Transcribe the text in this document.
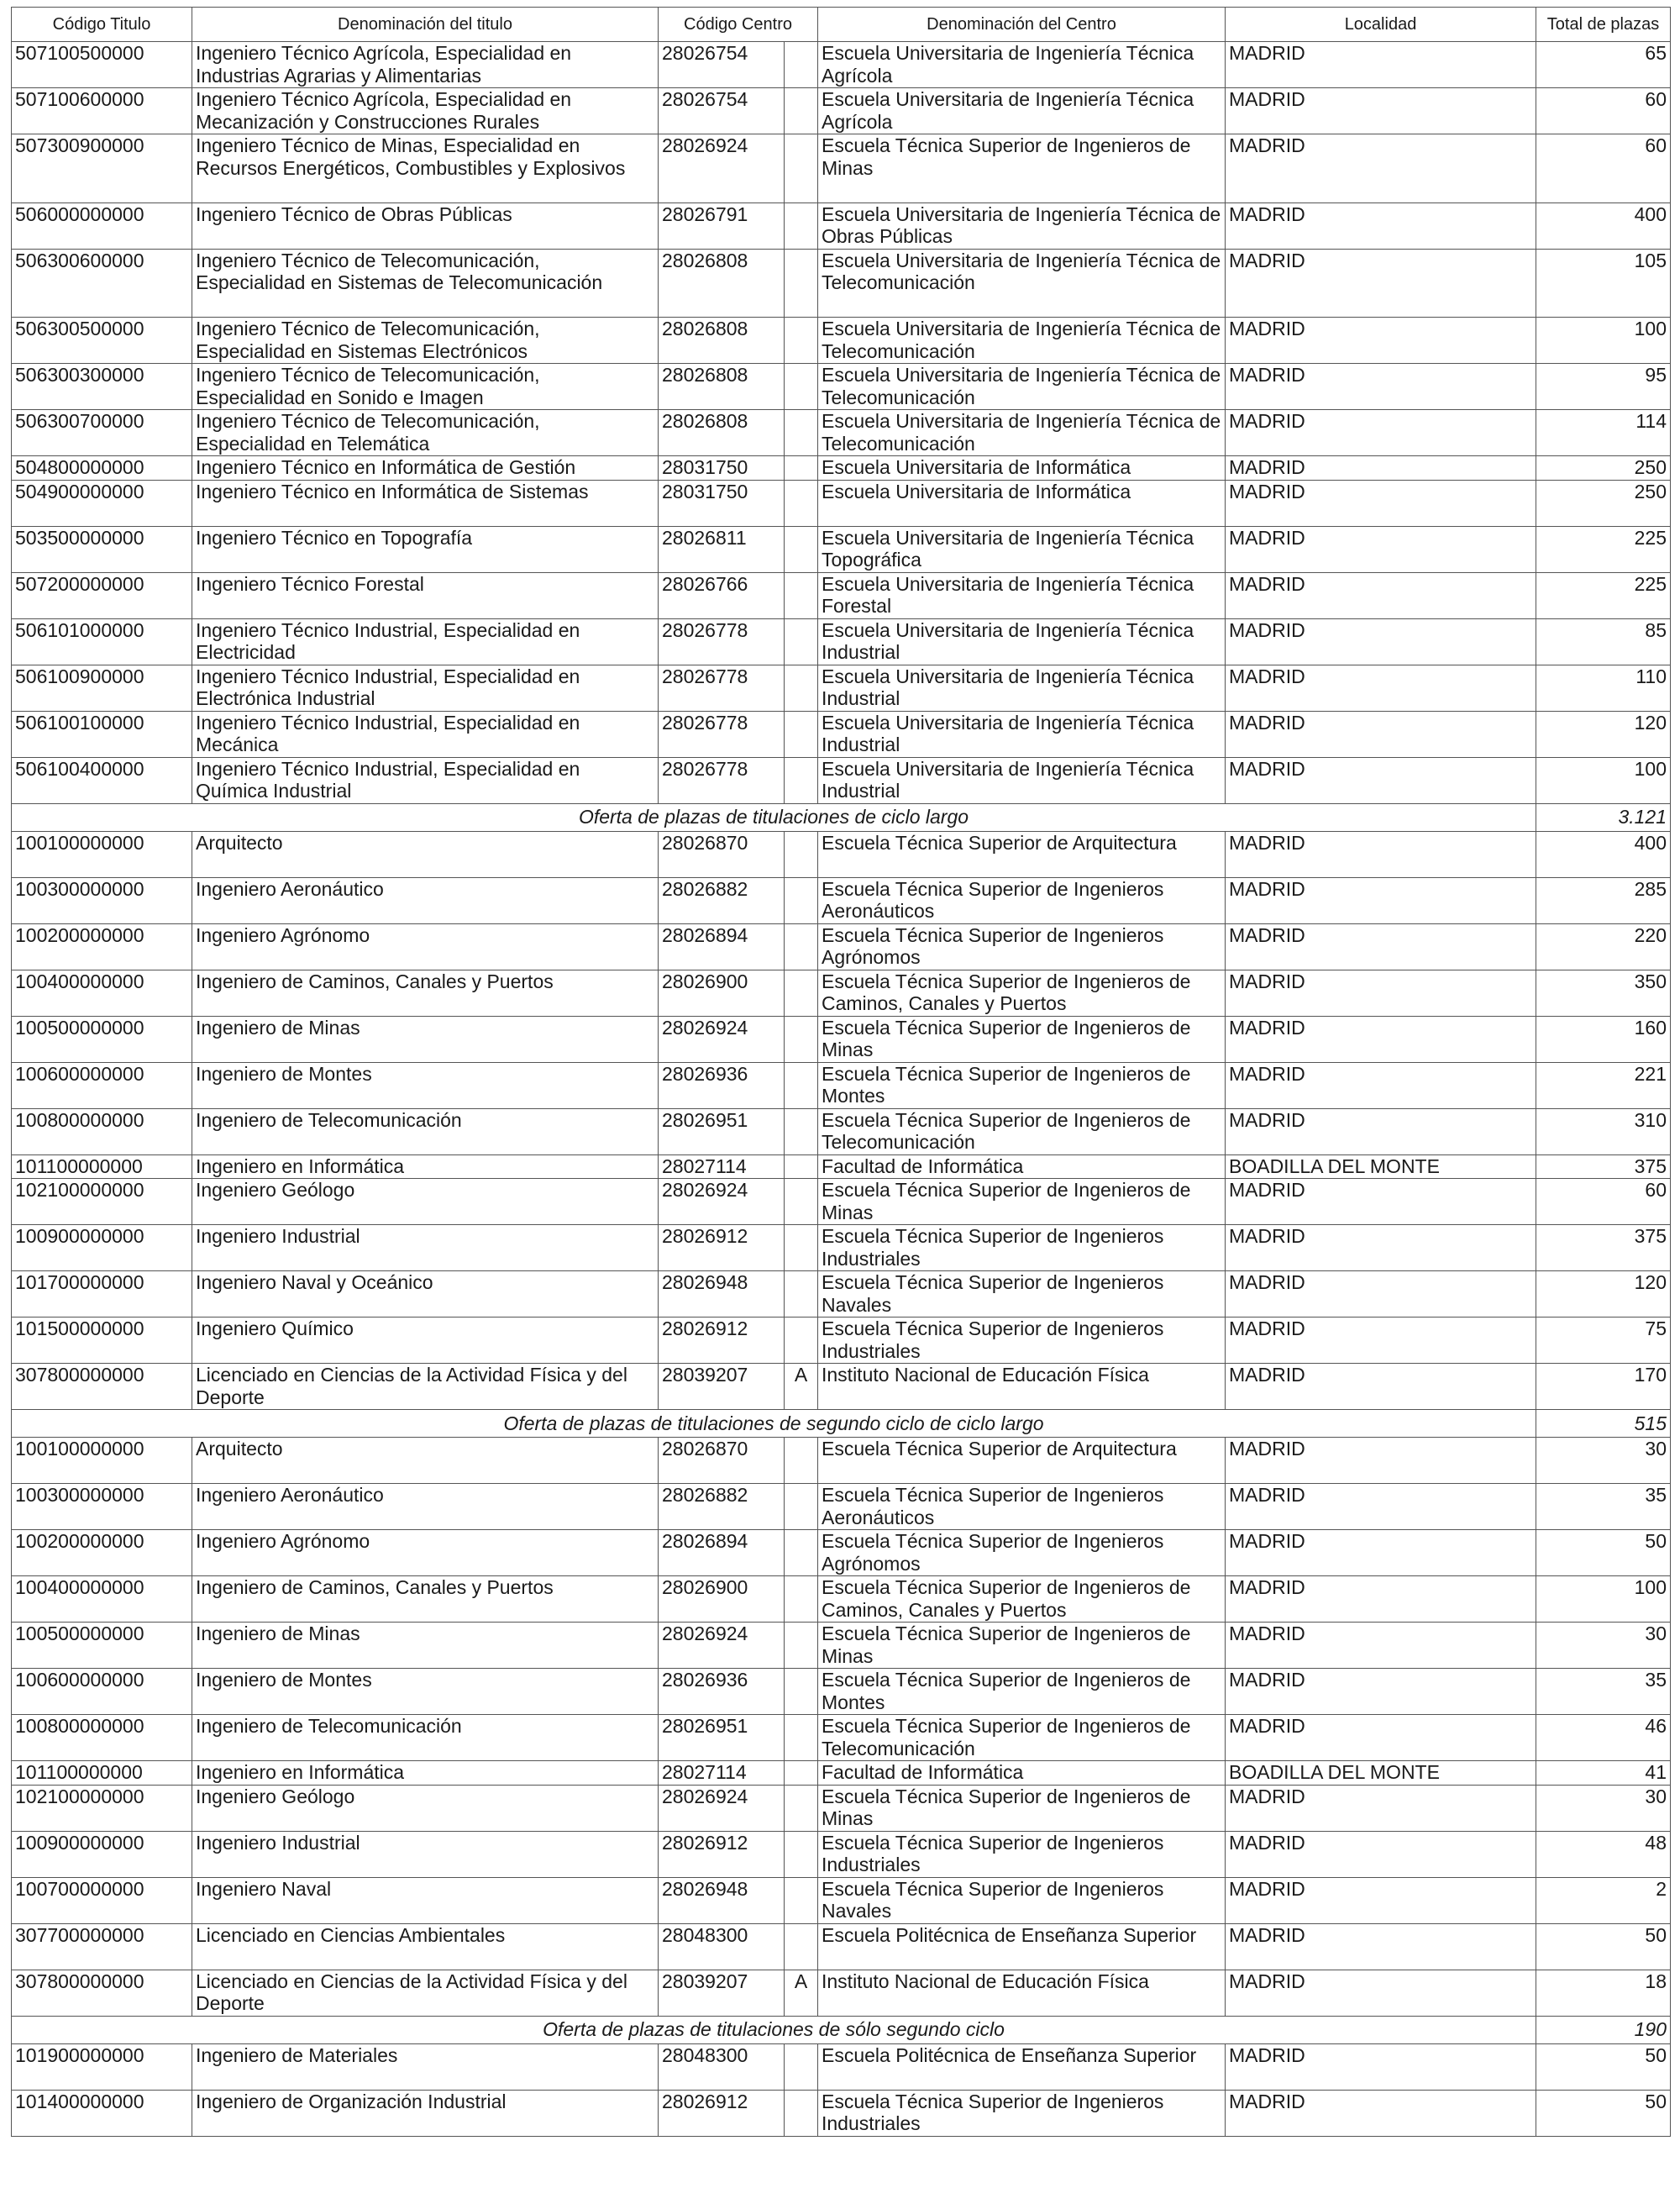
Código Titulo	Denominación del titulo	Código Centro		Denominación del Centro	Localidad	Total de plazas
507100500000	Ingeniero Técnico Agrícola, Especialidad en Industrias Agrarias y Alimentarias	28026754		Escuela Universitaria de Ingeniería Técnica Agrícola	MADRID	65
507100600000	Ingeniero Técnico Agrícola, Especialidad en Mecanización y Construcciones Rurales	28026754		Escuela Universitaria de Ingeniería Técnica Agrícola	MADRID	60
507300900000	Ingeniero Técnico de Minas, Especialidad en Recursos Energéticos, Combustibles y Explosivos	28026924		Escuela Técnica Superior de Ingenieros de Minas	MADRID	60
506000000000	Ingeniero Técnico de Obras Públicas	28026791		Escuela Universitaria de Ingeniería Técnica de Obras Públicas	MADRID	400
506300600000	Ingeniero Técnico de Telecomunicación, Especialidad en Sistemas de Telecomunicación	28026808		Escuela Universitaria de Ingeniería Técnica de Telecomunicación	MADRID	105
506300500000	Ingeniero Técnico de Telecomunicación, Especialidad en Sistemas Electrónicos	28026808		Escuela Universitaria de Ingeniería Técnica de Telecomunicación	MADRID	100
506300300000	Ingeniero Técnico de Telecomunicación, Especialidad en Sonido e Imagen	28026808		Escuela Universitaria de Ingeniería Técnica de Telecomunicación	MADRID	95
506300700000	Ingeniero Técnico de Telecomunicación, Especialidad en Telemática	28026808		Escuela Universitaria de Ingeniería Técnica de Telecomunicación	MADRID	114
504800000000	Ingeniero Técnico en Informática de Gestión	28031750		Escuela Universitaria de Informática	MADRID	250
504900000000	Ingeniero Técnico en Informática de Sistemas	28031750		Escuela Universitaria de Informática	MADRID	250
503500000000	Ingeniero Técnico en Topografía	28026811		Escuela Universitaria de Ingeniería Técnica Topográfica	MADRID	225
507200000000	Ingeniero Técnico Forestal	28026766		Escuela Universitaria de Ingeniería Técnica Forestal	MADRID	225
506101000000	Ingeniero Técnico Industrial, Especialidad en Electricidad	28026778		Escuela Universitaria de Ingeniería Técnica Industrial	MADRID	85
506100900000	Ingeniero Técnico Industrial, Especialidad en Electrónica Industrial	28026778		Escuela Universitaria de Ingeniería Técnica Industrial	MADRID	110
506100100000	Ingeniero Técnico Industrial, Especialidad en Mecánica	28026778		Escuela Universitaria de Ingeniería Técnica Industrial	MADRID	120
506100400000	Ingeniero Técnico Industrial, Especialidad en Química Industrial	28026778		Escuela Universitaria de Ingeniería Técnica Industrial	MADRID	100
Oferta de plazas de titulaciones de ciclo largo						3.121
100100000000	Arquitecto	28026870		Escuela Técnica Superior de Arquitectura	MADRID	400
100300000000	Ingeniero Aeronáutico	28026882		Escuela Técnica Superior de Ingenieros Aeronáuticos	MADRID	285
100200000000	Ingeniero Agrónomo	28026894		Escuela Técnica Superior de Ingenieros Agrónomos	MADRID	220
100400000000	Ingeniero de Caminos, Canales y Puertos	28026900		Escuela Técnica Superior de Ingenieros de Caminos, Canales y Puertos	MADRID	350
100500000000	Ingeniero de Minas	28026924		Escuela Técnica Superior de Ingenieros de Minas	MADRID	160
100600000000	Ingeniero de Montes	28026936		Escuela Técnica Superior de Ingenieros de Montes	MADRID	221
100800000000	Ingeniero de Telecomunicación	28026951		Escuela Técnica Superior de Ingenieros de Telecomunicación	MADRID	310
101100000000	Ingeniero en Informática	28027114		Facultad de Informática	BOADILLA DEL MONTE	375
102100000000	Ingeniero Geólogo	28026924		Escuela Técnica Superior de Ingenieros de Minas	MADRID	60
100900000000	Ingeniero Industrial	28026912		Escuela Técnica Superior de Ingenieros Industriales	MADRID	375
101700000000	Ingeniero Naval y Oceánico	28026948		Escuela Técnica Superior de Ingenieros Navales	MADRID	120
101500000000	Ingeniero Químico	28026912		Escuela Técnica Superior de Ingenieros Industriales	MADRID	75
307800000000	Licenciado en Ciencias de la Actividad Física y del Deporte	28039207	A	Instituto Nacional de Educación Física	MADRID	170
Oferta de plazas de titulaciones de segundo ciclo de ciclo largo						515
100100000000	Arquitecto	28026870		Escuela Técnica Superior de Arquitectura	MADRID	30
100300000000	Ingeniero Aeronáutico	28026882		Escuela Técnica Superior de Ingenieros Aeronáuticos	MADRID	35
100200000000	Ingeniero Agrónomo	28026894		Escuela Técnica Superior de Ingenieros Agrónomos	MADRID	50
100400000000	Ingeniero de Caminos, Canales y Puertos	28026900		Escuela Técnica Superior de Ingenieros de Caminos, Canales y Puertos	MADRID	100
100500000000	Ingeniero de Minas	28026924		Escuela Técnica Superior de Ingenieros de Minas	MADRID	30
100600000000	Ingeniero de Montes	28026936		Escuela Técnica Superior de Ingenieros de Montes	MADRID	35
100800000000	Ingeniero de Telecomunicación	28026951		Escuela Técnica Superior de Ingenieros de Telecomunicación	MADRID	46
101100000000	Ingeniero en Informática	28027114		Facultad de Informática	BOADILLA DEL MONTE	41
102100000000	Ingeniero Geólogo	28026924		Escuela Técnica Superior de Ingenieros de Minas	MADRID	30
100900000000	Ingeniero Industrial	28026912		Escuela Técnica Superior de Ingenieros Industriales	MADRID	48
100700000000	Ingeniero Naval	28026948		Escuela Técnica Superior de Ingenieros Navales	MADRID	2
307700000000	Licenciado en Ciencias Ambientales	28048300		Escuela Politécnica de Enseñanza Superior	MADRID	50
307800000000	Licenciado en Ciencias de la Actividad Física y del Deporte	28039207	A	Instituto Nacional de Educación Física	MADRID	18
Oferta de plazas de titulaciones de sólo segundo ciclo						190
101900000000	Ingeniero de Materiales	28048300		Escuela Politécnica de Enseñanza Superior	MADRID	50
101400000000	Ingeniero de Organización Industrial	28026912		Escuela Técnica Superior de Ingenieros Industriales	MADRID	50
